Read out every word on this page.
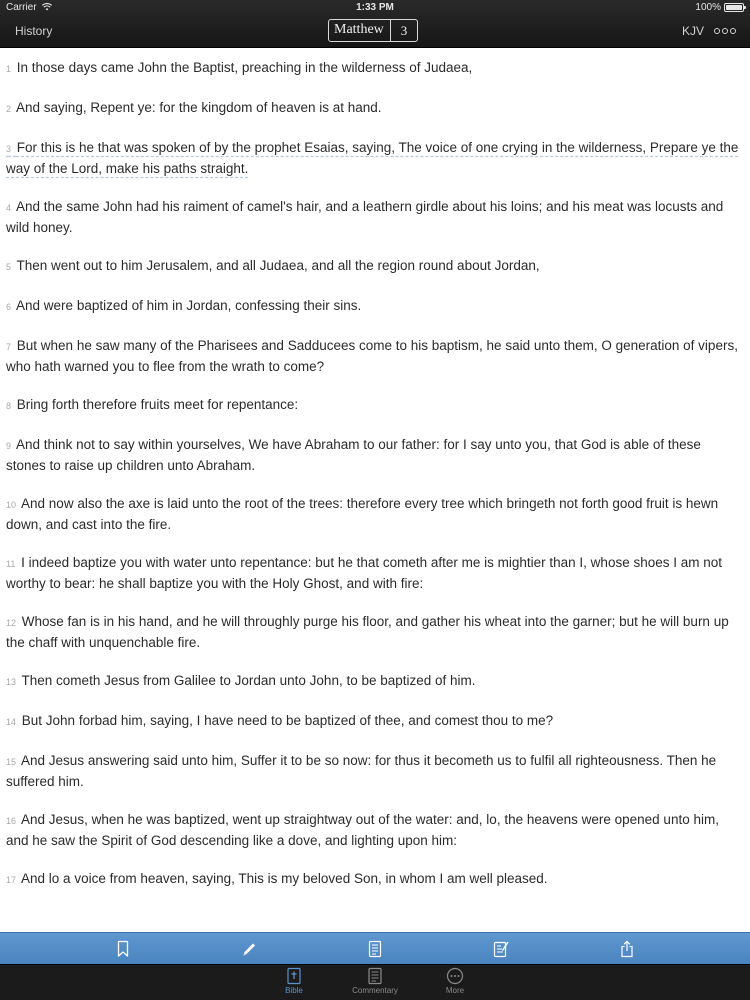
Carrier	1:33 PM	100%
History	Matthew	3	KJV

1 In those days came John the Baptist, preaching in the wilderness of Judaea,

2 And saying, Repent ye: for the kingdom of heaven is at hand.

3 For this is he that was spoken of by the prophet Esaias, saying, The voice of one crying in the wilderness, Prepare ye the way of the Lord, make his paths straight.

4 And the same John had his raiment of camel's hair, and a leathern girdle about his loins; and his meat was locusts and wild honey.

5 Then went out to him Jerusalem, and all Judaea, and all the region round about Jordan,

6 And were baptized of him in Jordan, confessing their sins.

7 But when he saw many of the Pharisees and Sadducees come to his baptism, he said unto them, O generation of vipers, who hath warned you to flee from the wrath to come?

8 Bring forth therefore fruits meet for repentance:

9 And think not to say within yourselves, We have Abraham to our father: for I say unto you, that God is able of these stones to raise up children unto Abraham.

10 And now also the axe is laid unto the root of the trees: therefore every tree which bringeth not forth good fruit is hewn down, and cast into the fire.

11 I indeed baptize you with water unto repentance: but he that cometh after me is mightier than I, whose shoes I am not worthy to bear: he shall baptize you with the Holy Ghost, and with fire:

12 Whose fan is in his hand, and he will throughly purge his floor, and gather his wheat into the garner; but he will burn up the chaff with unquenchable fire.

13 Then cometh Jesus from Galilee to Jordan unto John, to be baptized of him.

14 But John forbad him, saying, I have need to be baptized of thee, and comest thou to me?

15 And Jesus answering said unto him, Suffer it to be so now: for thus it becometh us to fulfil all righteousness. Then he suffered him.

16 And Jesus, when he was baptized, went up straightway out of the water: and, lo, the heavens were opened unto him, and he saw the Spirit of God descending like a dove, and lighting upon him:

17 And lo a voice from heaven, saying, This is my beloved Son, in whom I am well pleased.

Bible	Commentary	More
